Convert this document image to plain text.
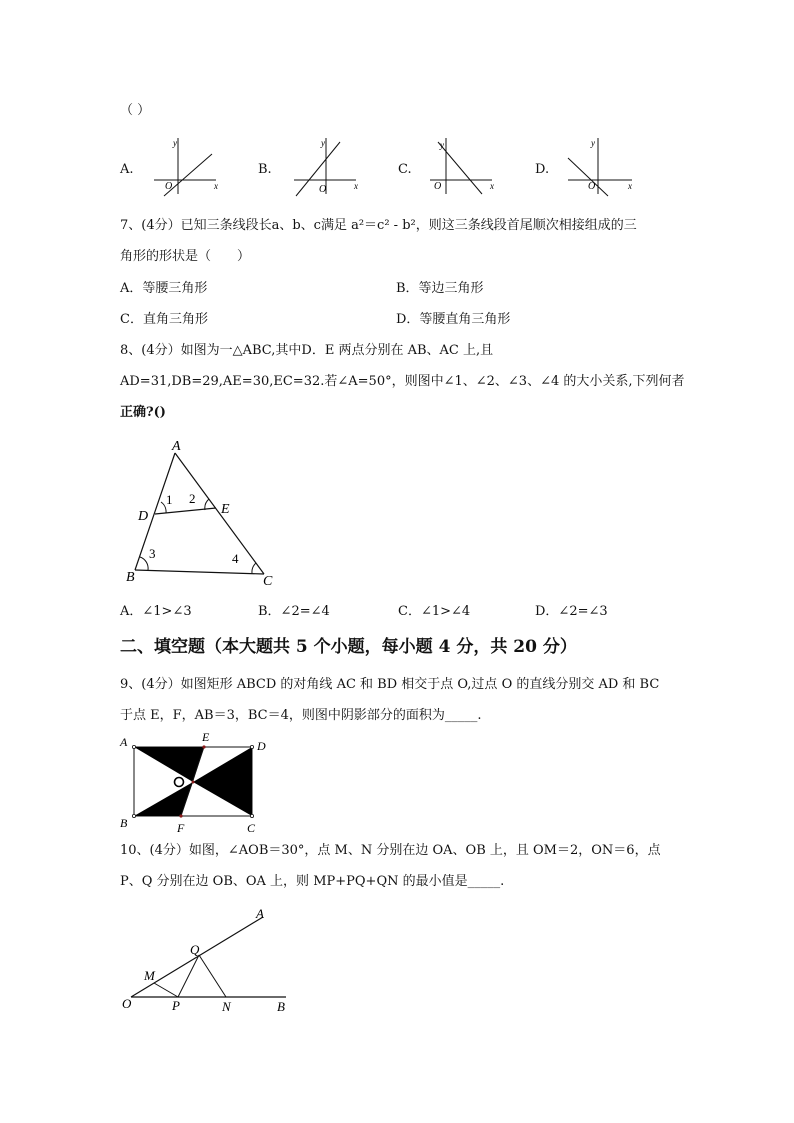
（ ）
A.
y
x
O
B.
y
x
O
C.
y
x
O
D.
y
x
O
7、(4分）已知三条线段长a、b、c满足 a²＝c² - b²，则这三条线段首尾顺次相接组成的三
角形的形状是（　　）
A．等腰三角形	B．等边三角形
C．直角三角形	D．等腰直角三角形
8、(4分）如图为一△ABC,其中D．E 两点分别在 AB、AC 上,且
AD=31,DB=29,AE=30,EC=32.若∠A=50°，则图中∠1、∠2、∠3、∠4 的大小关系,下列何者
正确?()
A
D	E
B	C
1 2
3	4
A．∠1>∠3	B．∠2=∠4	C．∠1>∠4	D．∠2=∠3
二、填空题（本大题共 5 个小题，每小题 4 分，共 20 分）
9、(4分）如图矩形 ABCD 的对角线 AC 和 BD 相交于点 O,过点 O 的直线分别交 AD 和 BC
于点 E，F，AB＝3，BC＝4，则图中阴影部分的面积为_____.
A	E
D
B	F	C
10、(4分）如图，∠AOB＝30°，点 M、N 分别在边 OA、OB 上，且 OM＝2，ON＝6，点
P、Q 分别在边 OB、OA 上，则 MP+PQ+QN 的最小值是_____.
O
M
Q
A
P	N	B
